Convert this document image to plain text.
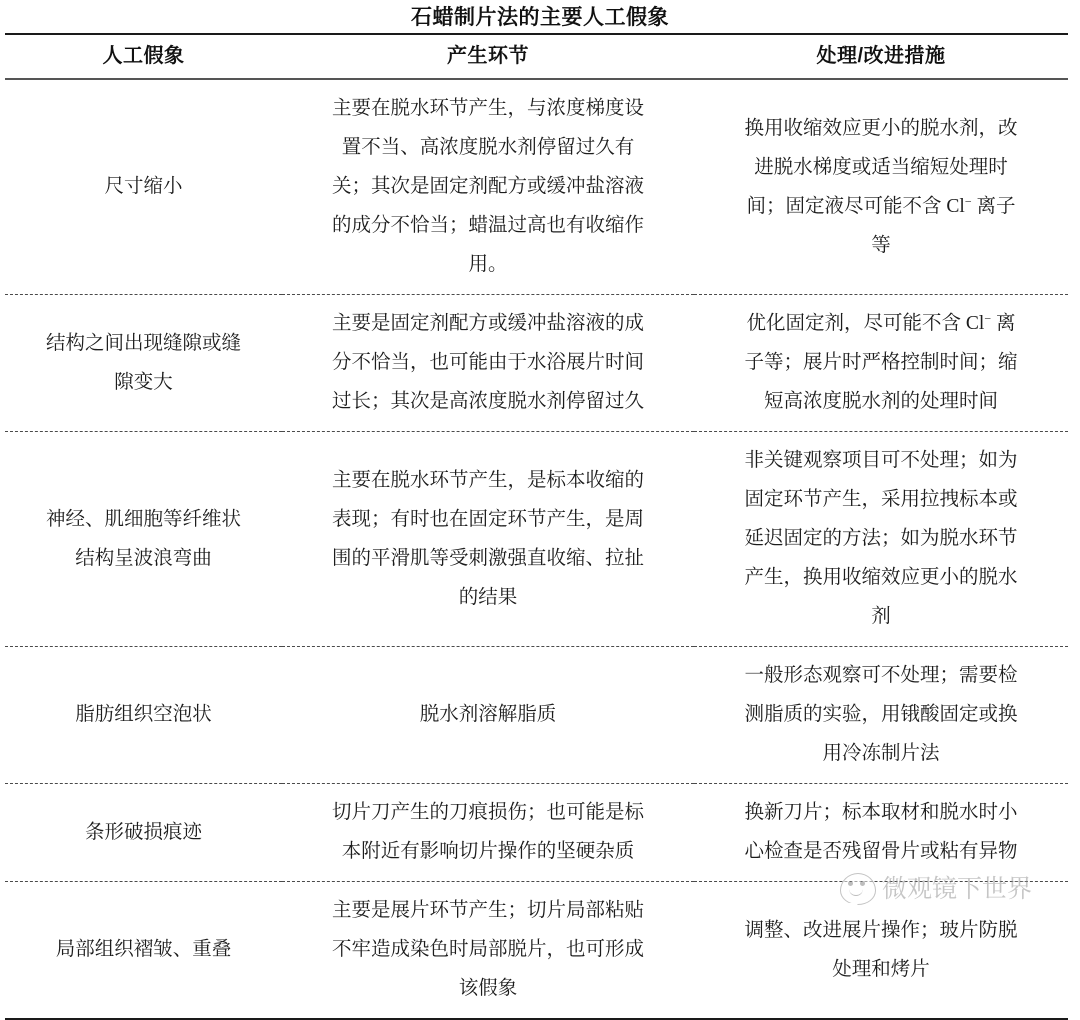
石蜡制片法的主要人工假象
人工假象	产生环节	处理/改进措施

尺寸缩小	主要在脱水环节产生，与浓度梯度设
置不当、高浓度脱水剂停留过久有
关；其次是固定剂配方或缓冲盐溶液
的成分不恰当；蜡温过高也有收缩作
用。	换用收缩效应更小的脱水剂，改
进脱水梯度或适当缩短处理时
间；固定液尽可能不含 Cl− 离子
等

结构之间出现缝隙或缝
隙变大	主要是固定剂配方或缓冲盐溶液的成
分不恰当，也可能由于水浴展片时间
过长；其次是高浓度脱水剂停留过久	优化固定剂，尽可能不含 Cl− 离
子等；展片时严格控制时间；缩
短高浓度脱水剂的处理时间

神经、肌细胞等纤维状
结构呈波浪弯曲	主要在脱水环节产生，是标本收缩的
表现；有时也在固定环节产生，是周
围的平滑肌等受刺激强直收缩、拉扯
的结果	非关键观察项目可不处理；如为
固定环节产生，采用拉拽标本或
延迟固定的方法；如为脱水环节
产生，换用收缩效应更小的脱水
剂

脂肪组织空泡状	脱水剂溶解脂质	一般形态观察可不处理；需要检
测脂质的实验，用锇酸固定或换
用冷冻制片法

条形破损痕迹	切片刀产生的刀痕损伤；也可能是标
本附近有影响切片操作的坚硬杂质	换新刀片；标本取材和脱水时小
心检查是否残留骨片或粘有异物

局部组织褶皱、重叠	主要是展片环节产生；切片局部粘贴
不牢造成染色时局部脱片，也可形成
该假象	调整、改进展片操作；玻片防脱
处理和烤片
微观镜下世界
